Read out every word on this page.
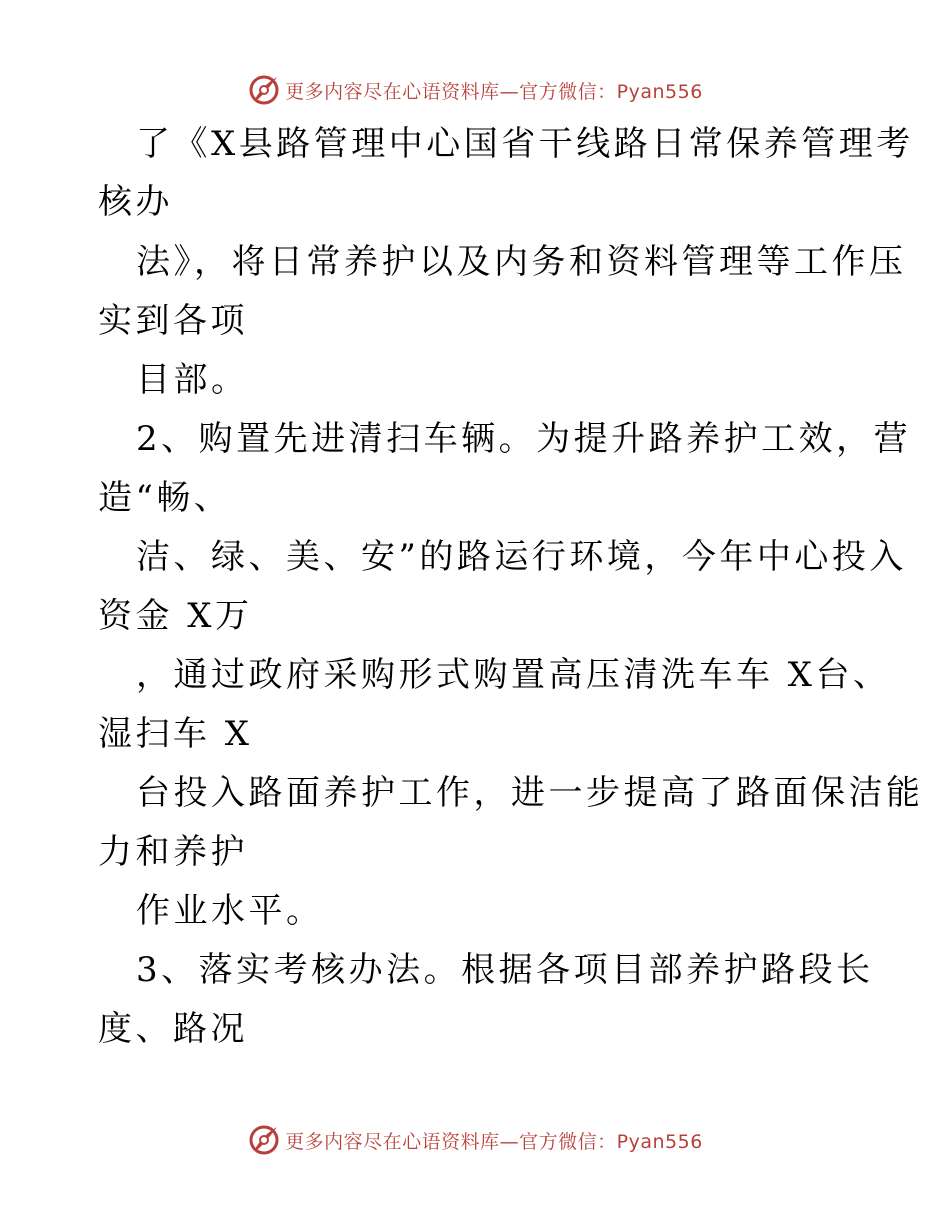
更多内容尽在心语资料库—官方微信：Pyan556
了《X县路管理中心国省干线路日常保养管理考
核办
法》，将日常养护以及内务和资料管理等工作压
实到各项
目部。
2、购置先进清扫车辆。为提升路养护工效，营
造“畅、
洁、绿、美、安”的路运行环境，今年中心投入
资金 X万
，通过政府采购形式购置高压清洗车车 X台、
湿扫车 X
台投入路面养护工作，进一步提高了路面保洁能
力和养护
作业水平。
3、落实考核办法。根据各项目部养护路段长
度、路况
更多内容尽在心语资料库—官方微信：Pyan556
